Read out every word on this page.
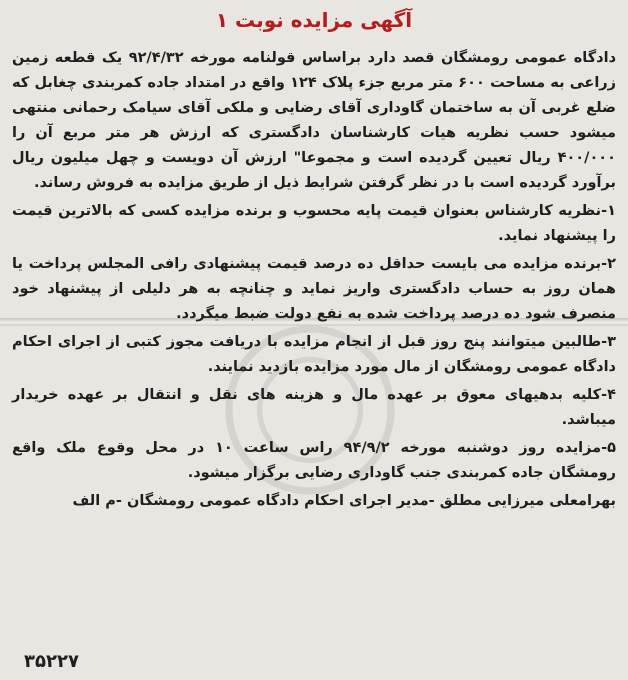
آگهی مزایده نوبت ۱

دادگاه عمومی رومشگان قصد دارد براساس قولنامه مورخه ۹۲/۴/۳۲ یک قطعه زمین زراعی به مساحت ۶۰۰ متر مربع جزء پلاک ۱۲۴ واقع در امتداد جاده کمربندی چغابل که ضلع غربی آن به ساختمان گاوداری آقای رضایی و ملکی آقای سیامک رحمانی منتهی میشود حسب نظریه هیات کارشناسان دادگستری که ارزش هر متر مربع آن را ۴۰۰/۰۰۰ ریال تعیین گردیده است و مجموعا" ارزش آن دویست و چهل میلیون ریال برآورد گردیده است با در نظر گرفتن شرایط ذیل از طریق مزایده به فروش رساند.

۱-نظریه کارشناس بعنوان قیمت پایه محسوب و برنده مزایده کسی که بالاترین قیمت را پیشنهاد نماید.

۲-برنده مزایده می بایست حداقل ده درصد قیمت پیشنهادی رافی المجلس پرداخت یا همان روز به حساب دادگستری واریز نماید و چنانچه به هر دلیلی از پیشنهاد خود منصرف شود ده درصد پرداخت شده به نفع دولت ضبط میگردد.

۳-طالبین میتوانند پنج روز قبل از انجام مزایده با دریافت مجوز کتبی از اجرای احکام دادگاه عمومی رومشگان از مال مورد مزایده بازدید نمایند.

۴-کلیه بدهیهای معوق بر عهده مال و هزینه های نقل و انتقال بر عهده خریدار میباشد.

۵-مزایده روز دوشنبه مورخه ۹۴/۹/۲ راس ساعت ۱۰ در محل وقوع ملک واقع رومشگان جاده کمربندی جنب گاوداری رضایی برگزار میشود.

بهرامعلی میرزایی مطلق -مدیر اجرای احکام دادگاه عمومی رومشگان -م الف

۳۵۲۲۷
